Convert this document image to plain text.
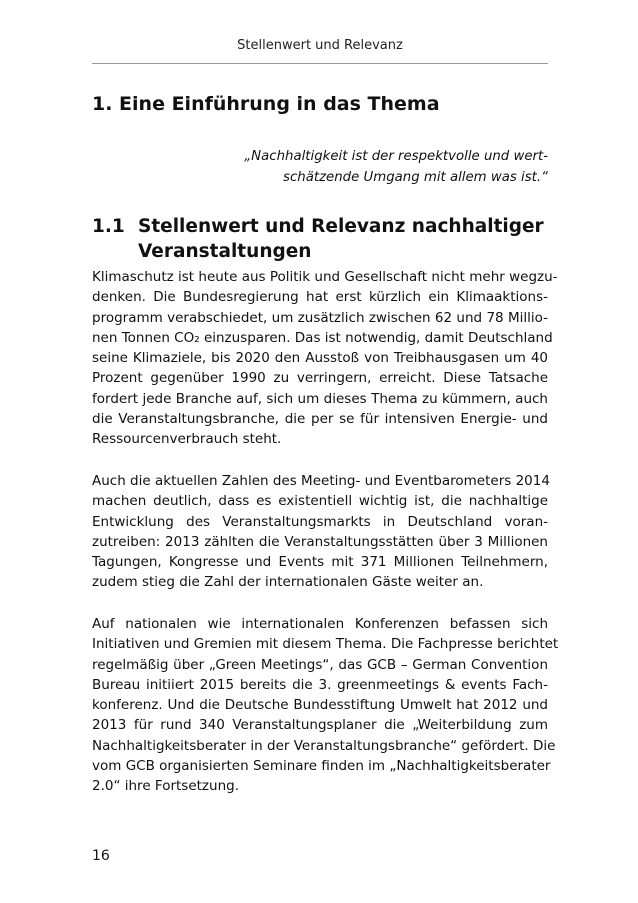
Stellenwert und Relevanz
1. Eine Einführung in das Thema
„Nachhaltigkeit ist der respektvolle und wert-
schätzende Umgang mit allem was ist.“
1.1 Stellenwert und Relevanz nachhaltiger Veranstaltungen
Klimaschutz ist heute aus Politik und Gesellschaft nicht mehr wegzu-
denken. Die Bundesregierung hat erst kürzlich ein Klimaaktions-
programm verabschiedet, um zusätzlich zwischen 62 und 78 Millio-
nen Tonnen CO₂ einzusparen. Das ist notwendig, damit Deutschland
seine Klimaziele, bis 2020 den Ausstoß von Treibhausgasen um 40
Prozent gegenüber 1990 zu verringern, erreicht. Diese Tatsache
fordert jede Branche auf, sich um dieses Thema zu kümmern, auch
die Veranstaltungsbranche, die per se für intensiven Energie- und
Ressourcenverbrauch steht.
Auch die aktuellen Zahlen des Meeting- und Eventbarometers 2014
machen deutlich, dass es existentiell wichtig ist, die nachhaltige
Entwicklung des Veranstaltungsmarkts in Deutschland voran-
zutreiben: 2013 zählten die Veranstaltungsstätten über 3 Millionen
Tagungen, Kongresse und Events mit 371 Millionen Teilnehmern,
zudem stieg die Zahl der internationalen Gäste weiter an.
Auf nationalen wie internationalen Konferenzen befassen sich
Initiativen und Gremien mit diesem Thema. Die Fachpresse berichtet
regelmäßig über „Green Meetings“, das GCB – German Convention
Bureau initiiert 2015 bereits die 3. greenmeetings & events Fach-
konferenz. Und die Deutsche Bundesstiftung Umwelt hat 2012 und
2013 für rund 340 Veranstaltungsplaner die „Weiterbildung zum
Nachhaltigkeitsberater in der Veranstaltungsbranche“ gefördert. Die
vom GCB organisierten Seminare finden im „Nachhaltigkeitsberater
2.0“ ihre Fortsetzung.
16
